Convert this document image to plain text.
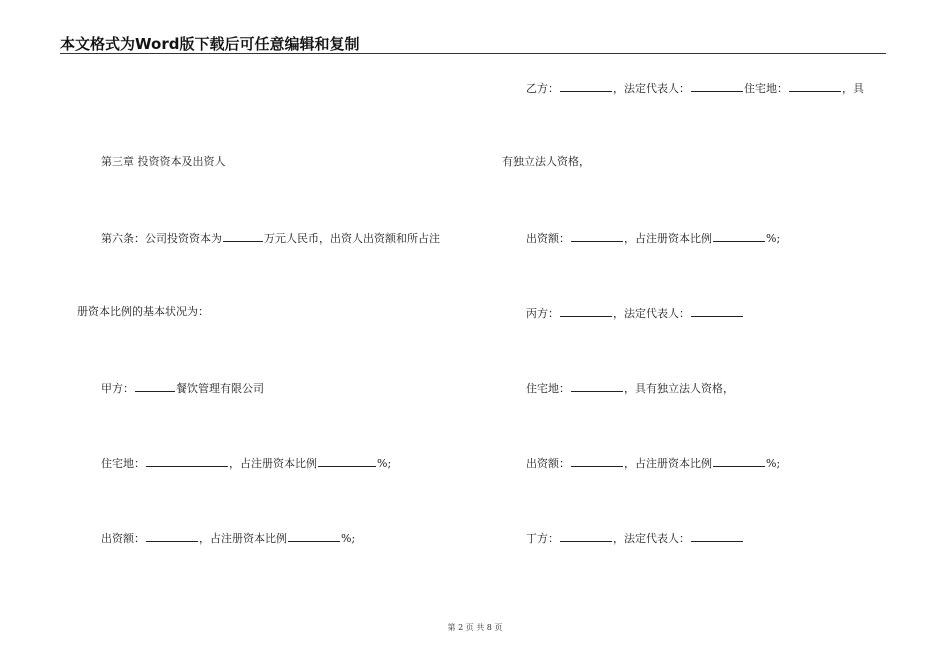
本文格式为Word版下载后可任意编辑和复制
第三章 投资资本及出资人
第六条：公司投资资本为	万元人民币，出资人出资额和所占注
册资本比例的基本状况为：
甲方：	餐饮管理有限公司
住宅地：	，占注册资本比例	%;
出资额：	，占注册资本比例	%;
乙方：	，法定代表人：	住宅地：	，具
有独立法人资格，
出资额：	，占注册资本比例	%;
丙方：	，法定代表人：
住宅地：	，具有独立法人资格，
出资额：	，占注册资本比例	%;
丁方：	，法定代表人：
第 2 页 共 8 页
